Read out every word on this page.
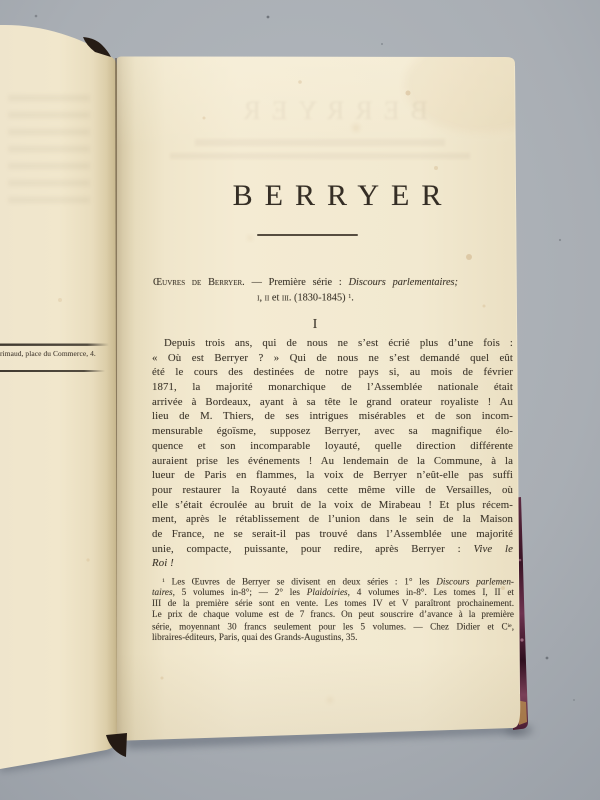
BERRYER
rimaud, place du Commerce, 4.
BERRYER
Œuvres de Berryer. — Première série : Discours parlementaires;
i, ii et iii. (1830-1845) $^1$.
I
Depuis trois ans, qui de nous ne s’est écrié plus d’une fois :
« Où est Berryer ? » Qui de nous ne s’est demandé quel eût
été le cours des destinées de notre pays si, au mois de février
1871, la majorité monarchique de l’Assemblée nationale était
arrivée à Bordeaux, ayant à sa tête le grand orateur royaliste ! Au
lieu de M. Thiers, de ses intrigues misérables et de son incom-
mensurable égoïsme, supposez Berryer, avec sa magnifique élo-
quence et son incomparable loyauté, quelle direction différente
auraient prise les événements ! Au lendemain de la Commune, à la
lueur de Paris en flammes, la voix de Berryer n’eût-elle pas suffi
pour restaurer la Royauté dans cette même ville de Versailles, où
elle s’était écroulée au bruit de la voix de Mirabeau ! Et plus récem-
ment, après le rétablissement de l’union dans le sein de la Maison
de France, ne se serait-il pas trouvé dans l’Assemblée une majorité
unie, compacte, puissante, pour redire, après Berryer : Vive le
Roi !
$^1$ Les Œuvres de Berryer se divisent en deux séries : 1° les Discours parlemen-
taires, 5 volumes in-8°; — 2° les Plaidoiries, 4 volumes in-8°. Les tomes I, II et
III de la première série sont en vente. Les tomes IV et V paraîtront prochainement.
Le prix de chaque volume est de 7 francs. On peut souscrire d’avance à la première
série, moyennant 30 francs seulement pour les 5 volumes. — Chez Didier et $C^{ie}$,
libraires-éditeurs, Paris, quai des Grands-Augustins, 35.
